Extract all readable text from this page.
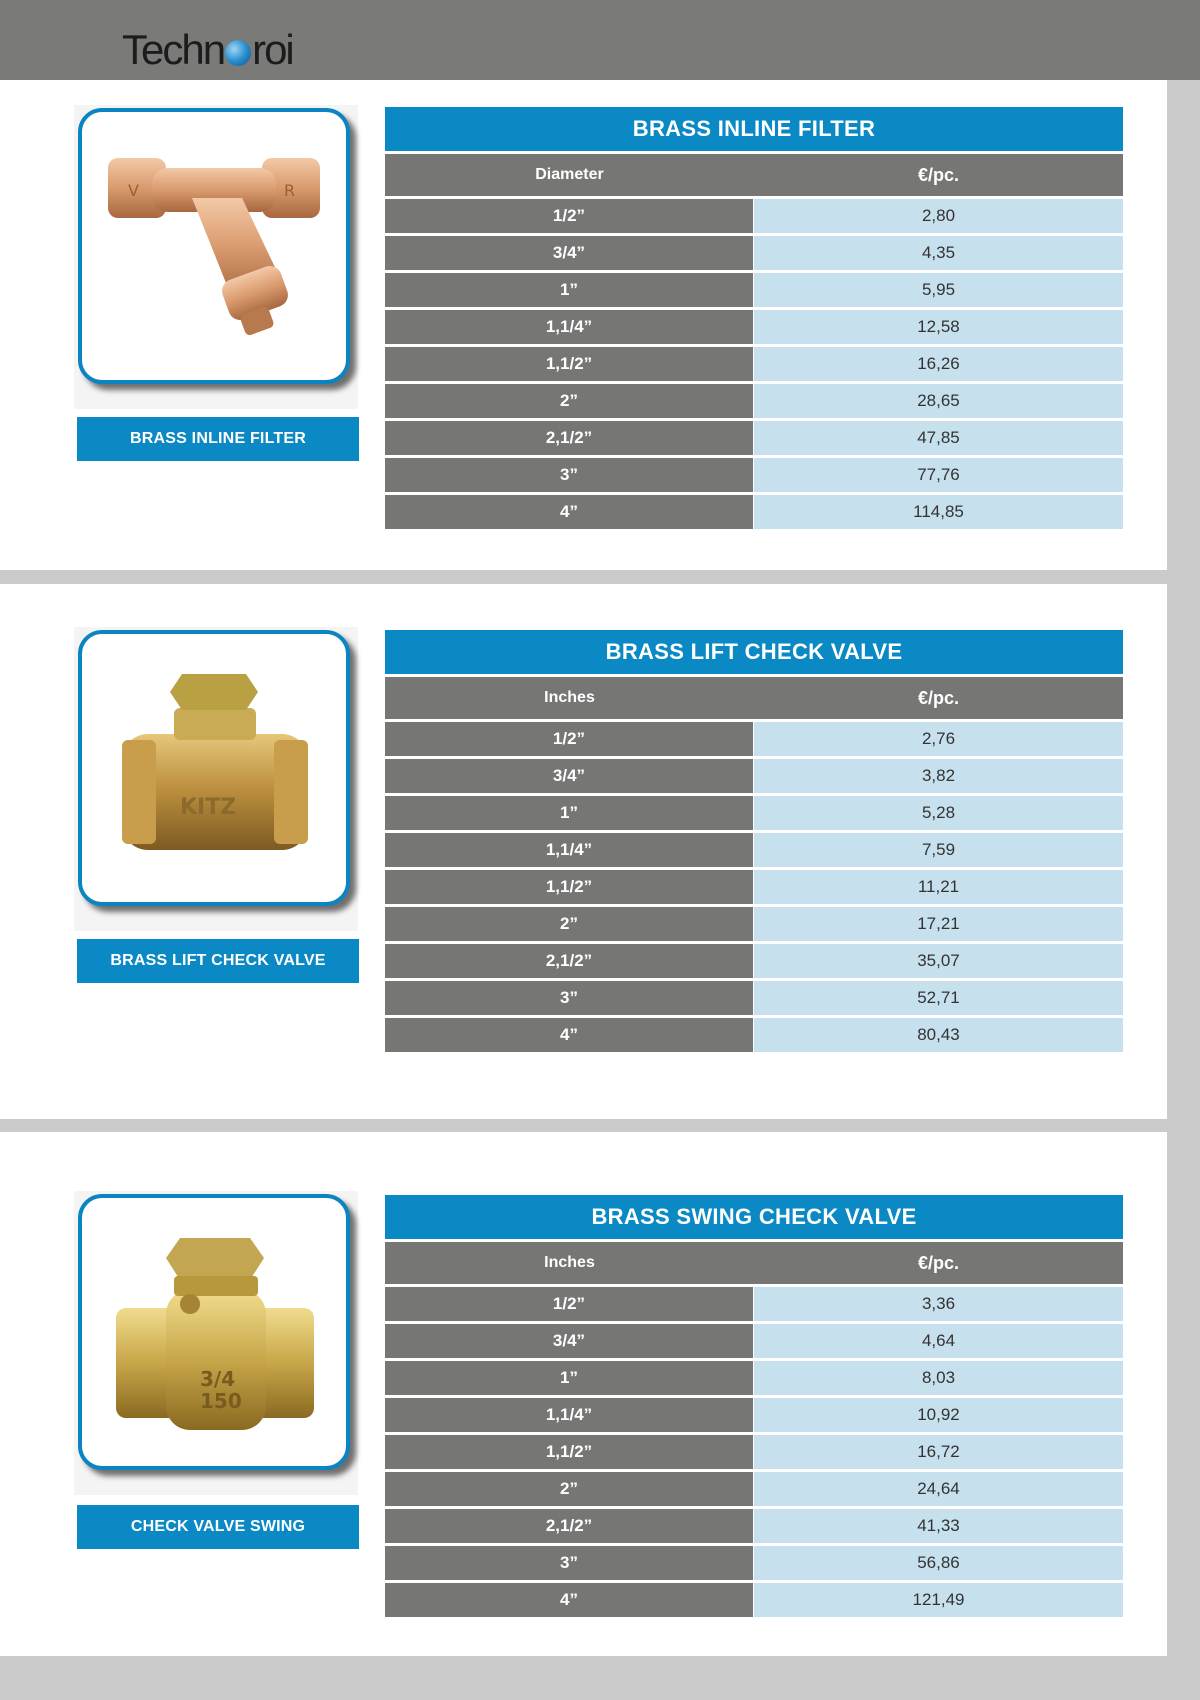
Techn roi
V	R
BRASS INLINE FILTER
BRASS INLINE FILTER
Diameter	€/pc.
1/2”	2,80
3/4”	4,35
1”	5,95
1,1/4”	12,58
1,1/2”	16,26
2”	28,65
2,1/2”	47,85
3”	77,76
4”	114,85
KITZ
BRASS LIFT CHECK VALVE
BRASS LIFT CHECK VALVE
Inches	€/pc.
1/2”	2,76
3/4”	3,82
1”	5,28
1,1/4”	7,59
1,1/2”	11,21
2”	17,21
2,1/2”	35,07
3”	52,71
4”	80,43
3/4
150
CHECK VALVE SWING
BRASS SWING CHECK VALVE
Inches	€/pc.
1/2”	3,36
3/4”	4,64
1”	8,03
1,1/4”	10,92
1,1/2”	16,72
2”	24,64
2,1/2”	41,33
3”	56,86
4”	121,49
